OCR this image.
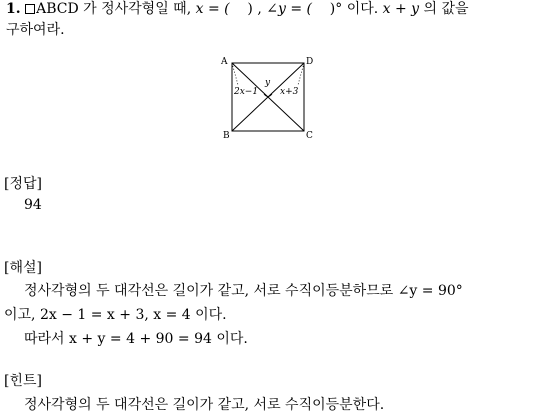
1. ABCD 가 정사각형일 때, x = ( ) , ∠y = ( )° 이다. x + y 의 값을
구하여라.
A	D
B	C
2x−1
y
x+3
[정답]
94
[해설]
정사각형의 두 대각선은 길이가 같고, 서로 수직이등분하므로 ∠y = 90°
이고, 2x − 1 = x + 3, x = 4 이다.
따라서 x + y = 4 + 90 = 94 이다.
[힌트]
정사각형의 두 대각선은 길이가 같고, 서로 수직이등분한다.
